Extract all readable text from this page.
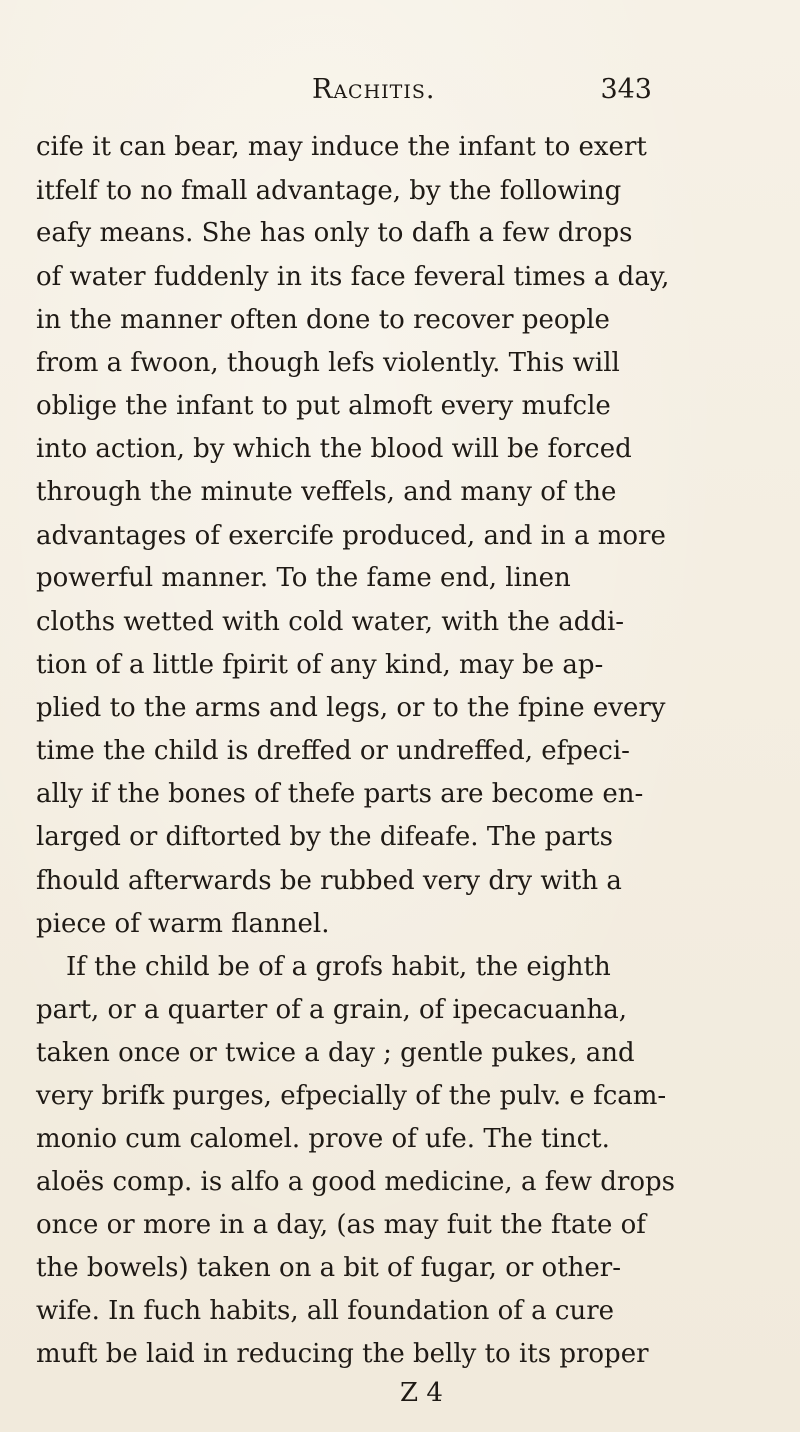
Rachitis.	343
cife it can bear, may induce the infant to exert
itfelf to no fmall advantage, by the following
eafy means. She has only to dafh a few drops
of water fuddenly in its face feveral times a day,
in the manner often done to recover people
from a fwoon, though lefs violently. This will
oblige the infant to put almoft every mufcle
into action, by which the blood will be forced
through the minute veffels, and many of the
advantages of exercife produced, and in a more
powerful manner. To the fame end, linen
cloths wetted with cold water, with the addi-
tion of a little fpirit of any kind, may be ap-
plied to the arms and legs, or to the fpine every
time the child is dreffed or undreffed, efpeci-
ally if the bones of thefe parts are become en-
larged or diftorted by the difeafe. The parts
fhould afterwards be rubbed very dry with a
piece of warm flannel.
If the child be of a grofs habit, the eighth
part, or a quarter of a grain, of ipecacuanha,
taken once or twice a day ; gentle pukes, and
very brifk purges, efpecially of the pulv. e fcam-
monio cum calomel. prove of ufe. The tinct.
aloës comp. is alfo a good medicine, a few drops
once or more in a day, (as may fuit the ftate of
the bowels) taken on a bit of fugar, or other-
wife. In fuch habits, all foundation of a cure
muft be laid in reducing the belly to its proper
Z 4
